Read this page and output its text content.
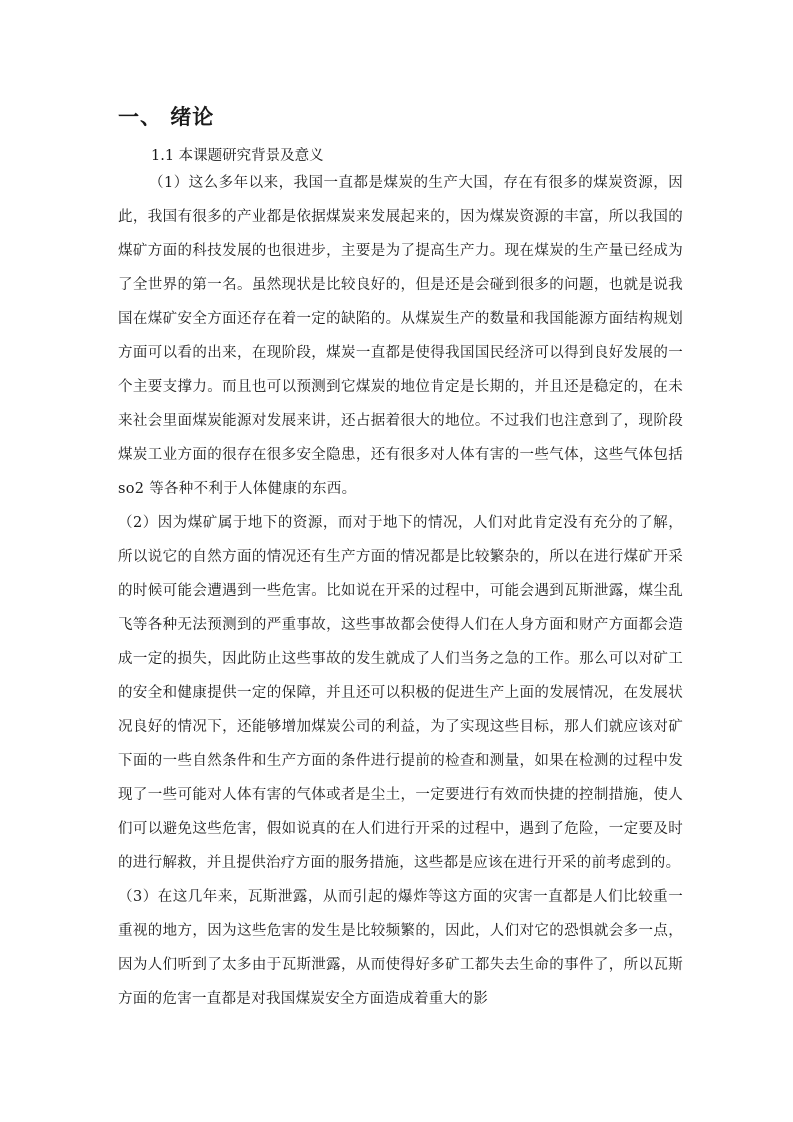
一、 绪论

1.1 本课题研究背景及意义

（1）这么多年以来，我国一直都是煤炭的生产大国，存在有很多的煤炭资源，因此，我国有很多的产业都是依据煤炭来发展起来的，因为煤炭资源的丰富，所以我国的煤矿方面的科技发展的也很进步，主要是为了提高生产力。现在煤炭的生产量已经成为了全世界的第一名。虽然现状是比较良好的，但是还是会碰到很多的问题，也就是说我国在煤矿安全方面还存在着一定的缺陷的。从煤炭生产的数量和我国能源方面结构规划方面可以看的出来，在现阶段，煤炭一直都是使得我国国民经济可以得到良好发展的一个主要支撑力。而且也可以预测到它煤炭的地位肯定是长期的，并且还是稳定的，在未来社会里面煤炭能源对发展来讲，还占据着很大的地位。不过我们也注意到了，现阶段煤炭工业方面的很存在很多安全隐患，还有很多对人体有害的一些气体，这些气体包括 so2 等各种不利于人体健康的东西。

（2）因为煤矿属于地下的资源，而对于地下的情况，人们对此肯定没有充分的了解，所以说它的自然方面的情况还有生产方面的情况都是比较繁杂的，所以在进行煤矿开采的时候可能会遭遇到一些危害。比如说在开采的过程中，可能会遇到瓦斯泄露，煤尘乱飞等各种无法预测到的严重事故，这些事故都会使得人们在人身方面和财产方面都会造成一定的损失，因此防止这些事故的发生就成了人们当务之急的工作。那么可以对矿工的安全和健康提供一定的保障，并且还可以积极的促进生产上面的发展情况，在发展状况良好的情况下，还能够增加煤炭公司的利益，为了实现这些目标，那人们就应该对矿下面的一些自然条件和生产方面的条件进行提前的检查和测量，如果在检测的过程中发现了一些可能对人体有害的气体或者是尘土，一定要进行有效而快捷的控制措施，使人们可以避免这些危害，假如说真的在人们进行开采的过程中，遇到了危险，一定要及时的进行解救，并且提供治疗方面的服务措施，这些都是应该在进行开采的前考虑到的。

（3）在这几年来，瓦斯泄露，从而引起的爆炸等这方面的灾害一直都是人们比较重一重视的地方，因为这些危害的发生是比较频繁的，因此，人们对它的恐惧就会多一点，因为人们听到了太多由于瓦斯泄露，从而使得好多矿工都失去生命的事件了，所以瓦斯方面的危害一直都是对我国煤炭安全方面造成着重大的影
